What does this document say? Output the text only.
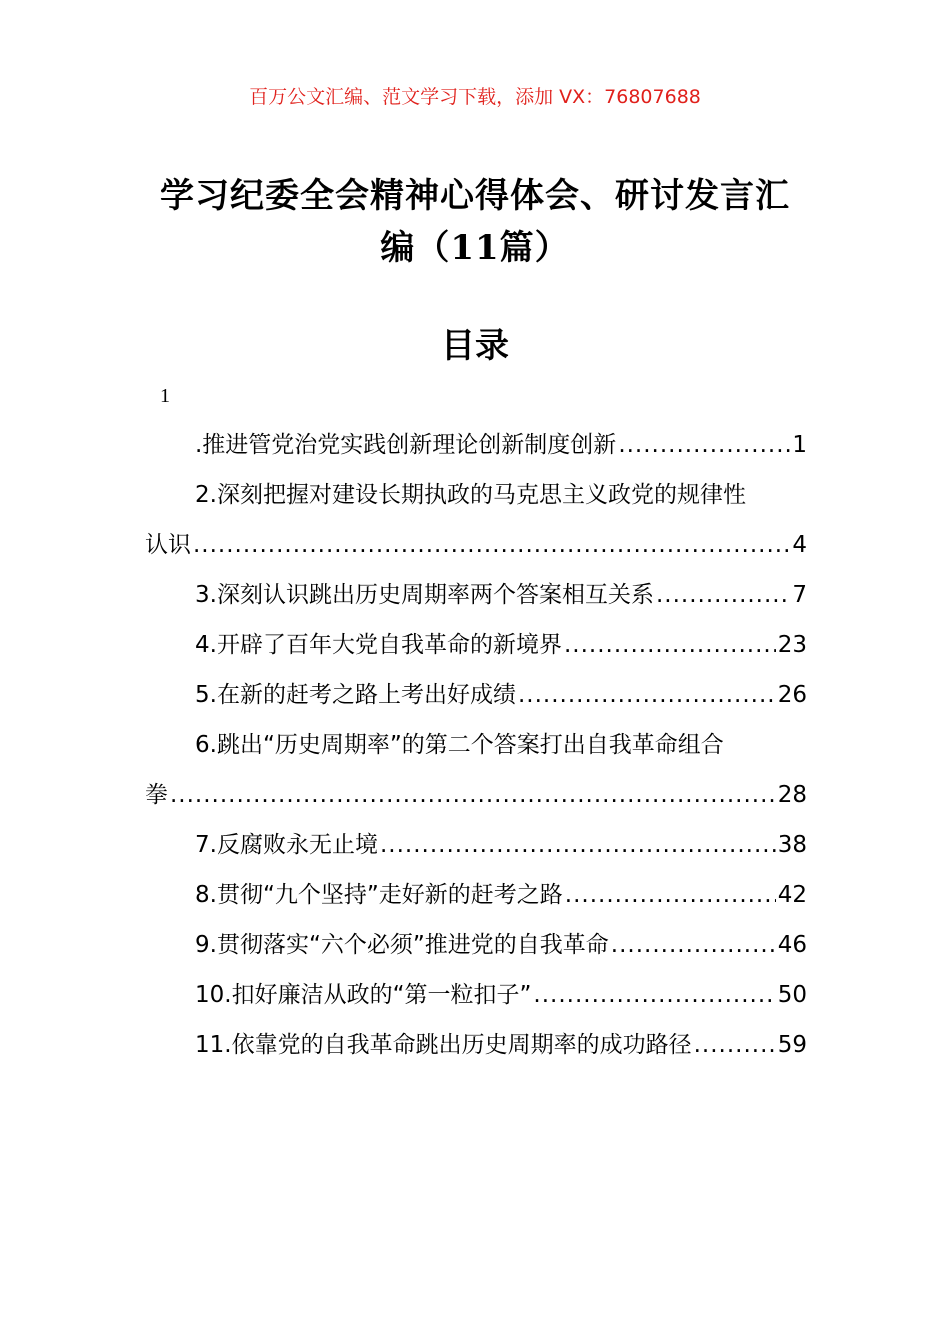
百万公文汇编、范文学习下载，添加 VX：76807688
学习纪委全会精神心得体会、研讨发言汇
编（11篇）
目录
1
.推进管党治党实践创新理论创新制度创新 .....	1
2.深刻把握对建设长期执政的马克思主义政党的规律性
认识 .....	4
3.深刻认识跳出历史周期率两个答案相互关系 .....	7
4.开辟了百年大党自我革命的新境界 .....	23
5.在新的赶考之路上考出好成绩 .....	26
6.跳出“历史周期率”的第二个答案打出自我革命组合
拳 .....	28
7.反腐败永无止境 .....	38
8.贯彻“九个坚持”走好新的赶考之路 .....	42
9.贯彻落实“六个必须”推进党的自我革命 .....	46
10.扣好廉洁从政的“第一粒扣子” .....	50
11.依靠党的自我革命跳出历史周期率的成功路径 .....	59
